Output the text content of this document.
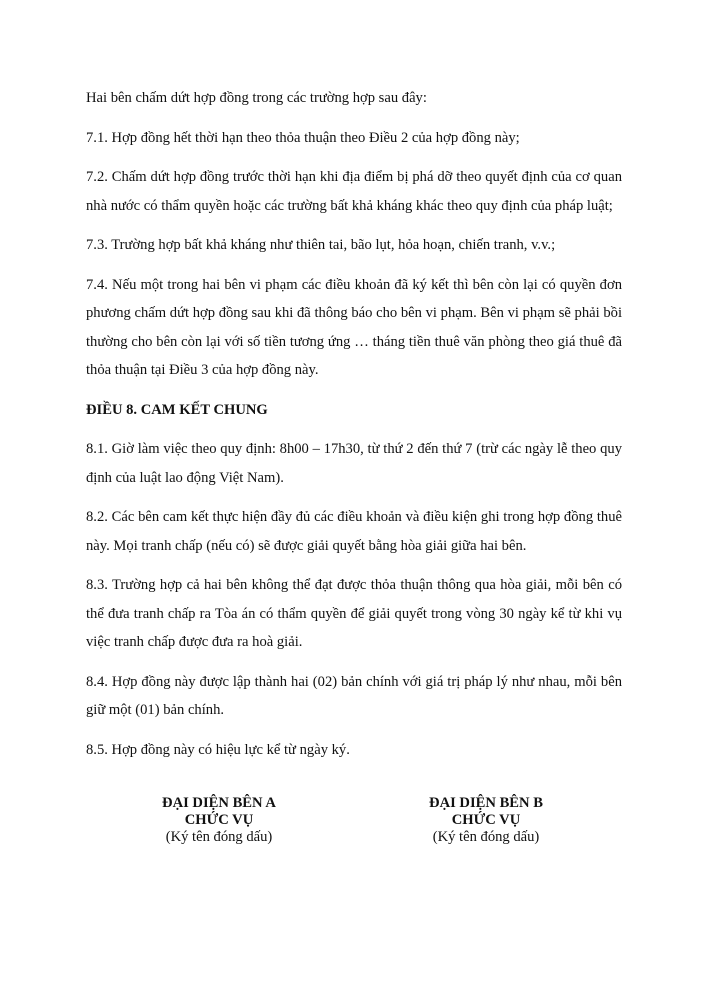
Hai bên chấm dứt hợp đồng trong các trường hợp sau đây:

7.1. Hợp đồng hết thời hạn theo thỏa thuận theo Điều 2 của hợp đồng này;

7.2. Chấm dứt hợp đồng trước thời hạn khi địa điểm bị phá dỡ theo quyết định của cơ quan nhà nước có thẩm quyền hoặc các trường bất khả kháng khác theo quy định của pháp luật;

7.3. Trường hợp bất khả kháng như thiên tai, bão lụt, hỏa hoạn, chiến tranh, v.v.;

7.4. Nếu một trong hai bên vi phạm các điều khoản đã ký kết thì bên còn lại có quyền đơn phương chấm dứt hợp đồng sau khi đã thông báo cho bên vi phạm. Bên vi phạm sẽ phải bồi thường cho bên còn lại với số tiền tương ứng … tháng tiền thuê văn phòng theo giá thuê đã thỏa thuận tại Điều 3 của hợp đồng này.

ĐIỀU 8. CAM KẾT CHUNG

8.1. Giờ làm việc theo quy định: 8h00 – 17h30, từ thứ 2 đến thứ 7 (trừ các ngày lễ theo quy định của luật lao động Việt Nam).

8.2. Các bên cam kết thực hiện đầy đủ các điều khoản và điều kiện ghi trong hợp đồng thuê này. Mọi tranh chấp (nếu có) sẽ được giải quyết bằng hòa giải giữa hai bên.

8.3. Trường hợp cả hai bên không thể đạt được thỏa thuận thông qua hòa giải, mỗi bên có thể đưa tranh chấp ra Tòa án có thẩm quyền để giải quyết trong vòng 30 ngày kể từ khi vụ việc tranh chấp được đưa ra hoà giải.

8.4. Hợp đồng này được lập thành hai (02) bản chính với giá trị pháp lý như nhau, mỗi bên giữ một (01) bản chính.

8.5. Hợp đồng này có hiệu lực kể từ ngày ký.

ĐẠI DIỆN BÊN A
CHỨC VỤ
(Ký tên đóng dấu)
ĐẠI DIỆN BÊN B
CHỨC VỤ
(Ký tên đóng dấu)
